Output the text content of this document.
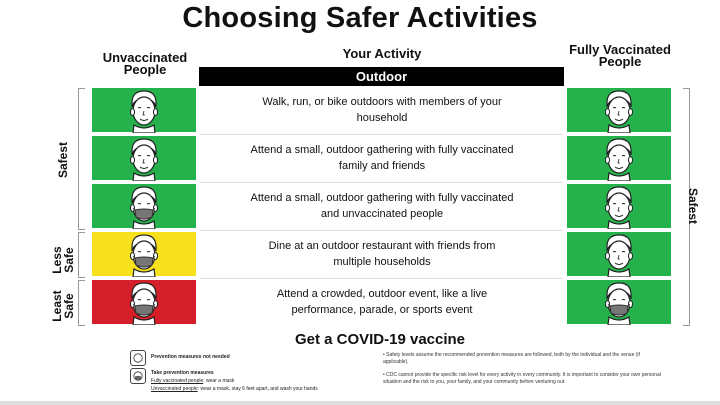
Choosing Safer Activities
Unvaccinated People
Your Activity	Fully Vaccinated People
Outdoor
Safest
Less Safe
Least Safe
Safest
Walk, run, or bike outdoors with members of your household
Attend a small, outdoor gathering with fully vaccinated family and friends
Attend a small, outdoor gathering with fully vaccinated and unvaccinated people
Dine at an outdoor restaurant with friends from multiple households
Attend a crowded, outdoor event, like a live performance, parade, or sports event
Get a COVID-19 vaccine
Prevention measures not needed
Take prevention measures
Fully vaccinated people: wear a mask
Unvaccinated people: wear a mask, stay 6 feet apart, and wash your hands
• Safety levels assume the recommended prevention measures are followed, both by the individual and the venue (if applicable).
• CDC cannot provide the specific risk level for every activity in every community. It is important to consider your own personal situation and the risk to you, your family, and your community before venturing out.
